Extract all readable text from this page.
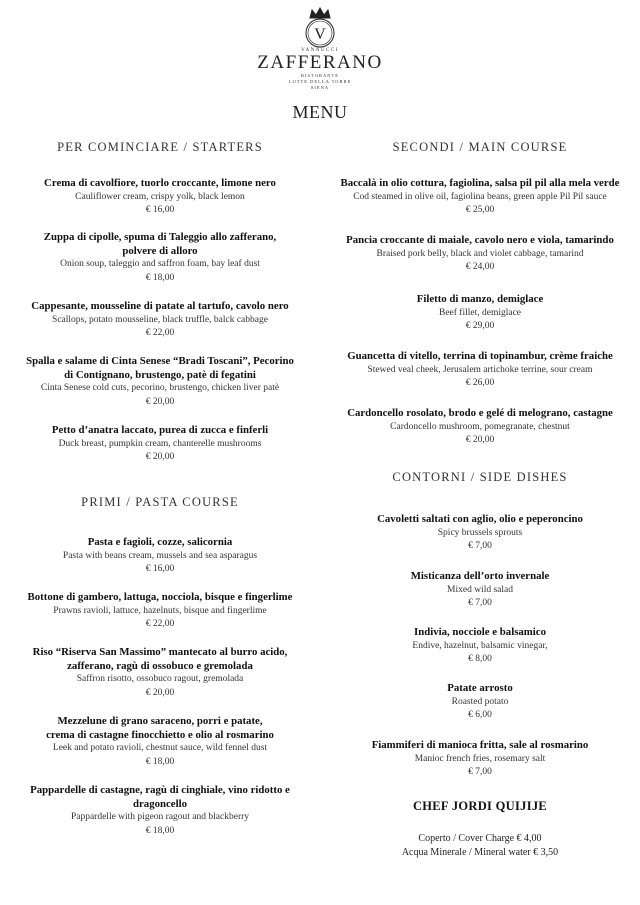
V
VANNUCCI
ZAFFERANO
RISTORANTE
LOTTE DELLA TORRE
SIENA
MENU
PER COMINCIARE / STARTERS
Crema di cavolfiore, tuorlo croccante, limone nero
Cauliflower cream, crispy yolk, black lemon
€ 16,00
Zuppa di cipolle, spuma di Taleggio allo zafferano,
polvere di alloro
Onion soup, taleggio and saffron foam, bay leaf dust
€ 18,00
Cappesante, mousseline di patate al tartufo, cavolo nero
Scallops, potato mousseline, black truffle, balck cabbage
€ 22,00
Spalla e salame di Cinta Senese “Bradi Toscani”, Pecorino
di Contignano, brustengo, patè di fegatini
Cinta Senese cold cuts, pecorino, brustengo, chicken liver patè
€ 20,00
Petto d’anatra laccato, purea di zucca e finferli
Duck breast, pumpkin cream, chanterelle mushrooms
€ 20,00
PRIMI / PASTA COURSE
Pasta e fagioli, cozze, salicornia
Pasta with beans cream, mussels and sea asparagus
€ 16,00
Bottone di gambero, lattuga, nocciola, bisque e fingerlime
Prawns ravioli, lattuce, hazelnuts, bisque and fingerlime
€ 22,00
Riso “Riserva San Massimo” mantecato al burro acido,
zafferano, ragù di ossobuco e gremolada
Saffron risotto, ossobuco ragout, gremolada
€ 20,00
Mezzelune di grano saraceno, porri e patate,
crema di castagne finocchietto e olio al rosmarino
Leek and potato ravioli, chestnut sauce, wild fennel dust
€ 18,00
Pappardelle di castagne, ragù di cinghiale, vino ridotto e
dragoncello
Pappardelle with pigeon ragout and blackberry
€ 18,00
SECONDI / MAIN COURSE
Baccalà in olio cottura, fagiolina, salsa pil pil alla mela verde
Cod steamed in olive oil, fagiolina beans, green apple Pil Pil sauce
€ 25,00
Pancia croccante di maiale, cavolo nero e viola, tamarindo
Braised pork belly, black and violet cabbage, tamarind
€ 24,00
Filetto di manzo, demiglace
Beef fillet, demiglace
€ 29,00
Guancetta di vitello, terrina di topinambur, crème fraiche
Stewed veal cheek, Jerusalem artichoke terrine, sour cream
€ 26,00
Cardoncello rosolato, brodo e gelé di melograno, castagne
Cardoncello mushroom, pomegranate, chestnut
€ 20,00
CONTORNI / SIDE DISHES
Cavoletti saltati con aglio, olio e peperoncino
Spicy brussels sprouts
€ 7,00
Misticanza dell’orto invernale
Mixed wild salad
€ 7,00
Indivia, nocciole e balsamico
Endive, hazelnut, balsamic vinegar,
€ 8,00
Patate arrosto
Roasted potato
€ 6,00
Fiammiferi di manioca fritta, sale al rosmarino
Manioc french fries, rosemary salt
€ 7,00
CHEF JORDI QUIJIJE
Coperto / Cover Charge € 4,00
Acqua Minerale / Mineral water € 3,50
